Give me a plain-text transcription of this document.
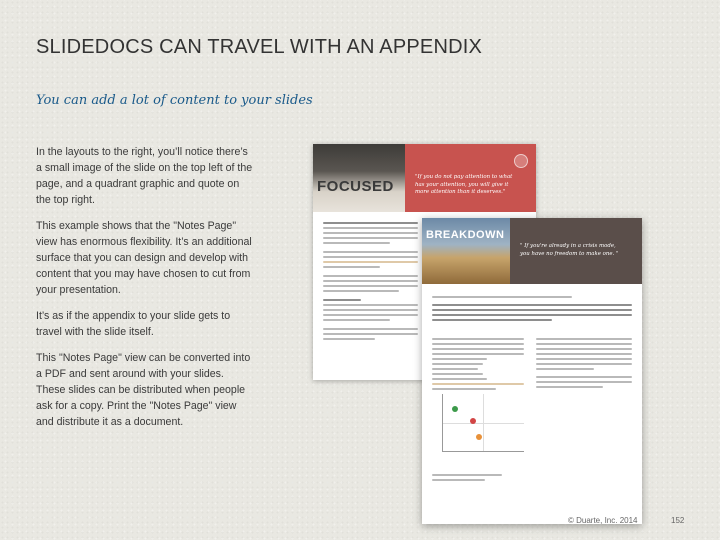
SLIDEDOCS CAN TRAVEL WITH AN APPENDIX
You can add a lot of content to your slides

In the layouts to the right, you’ll notice there’s a small image of the slide on the top left of the page, and a quadrant graphic and quote on the top right.

This example shows that the "Notes Page" view has enormous flexibility. It’s an additional surface that you can design and develop with content that you may have chosen to cut from your presentation.

It’s as if the appendix to your slide gets to travel with the slide itself.

This "Notes Page" view can be converted into a PDF and sent around with your slides. These slides can be distributed when people ask for a copy. Print the "Notes Page" view and distribute it as a document.

FOCUSED
"If you do not pay attention to what has your attention, you will give it more attention than it deserves."
BREAKDOWN
" If you're already in a crisis mode, you have no freedom to make one. "
© Duarte, Inc. 2014	152
